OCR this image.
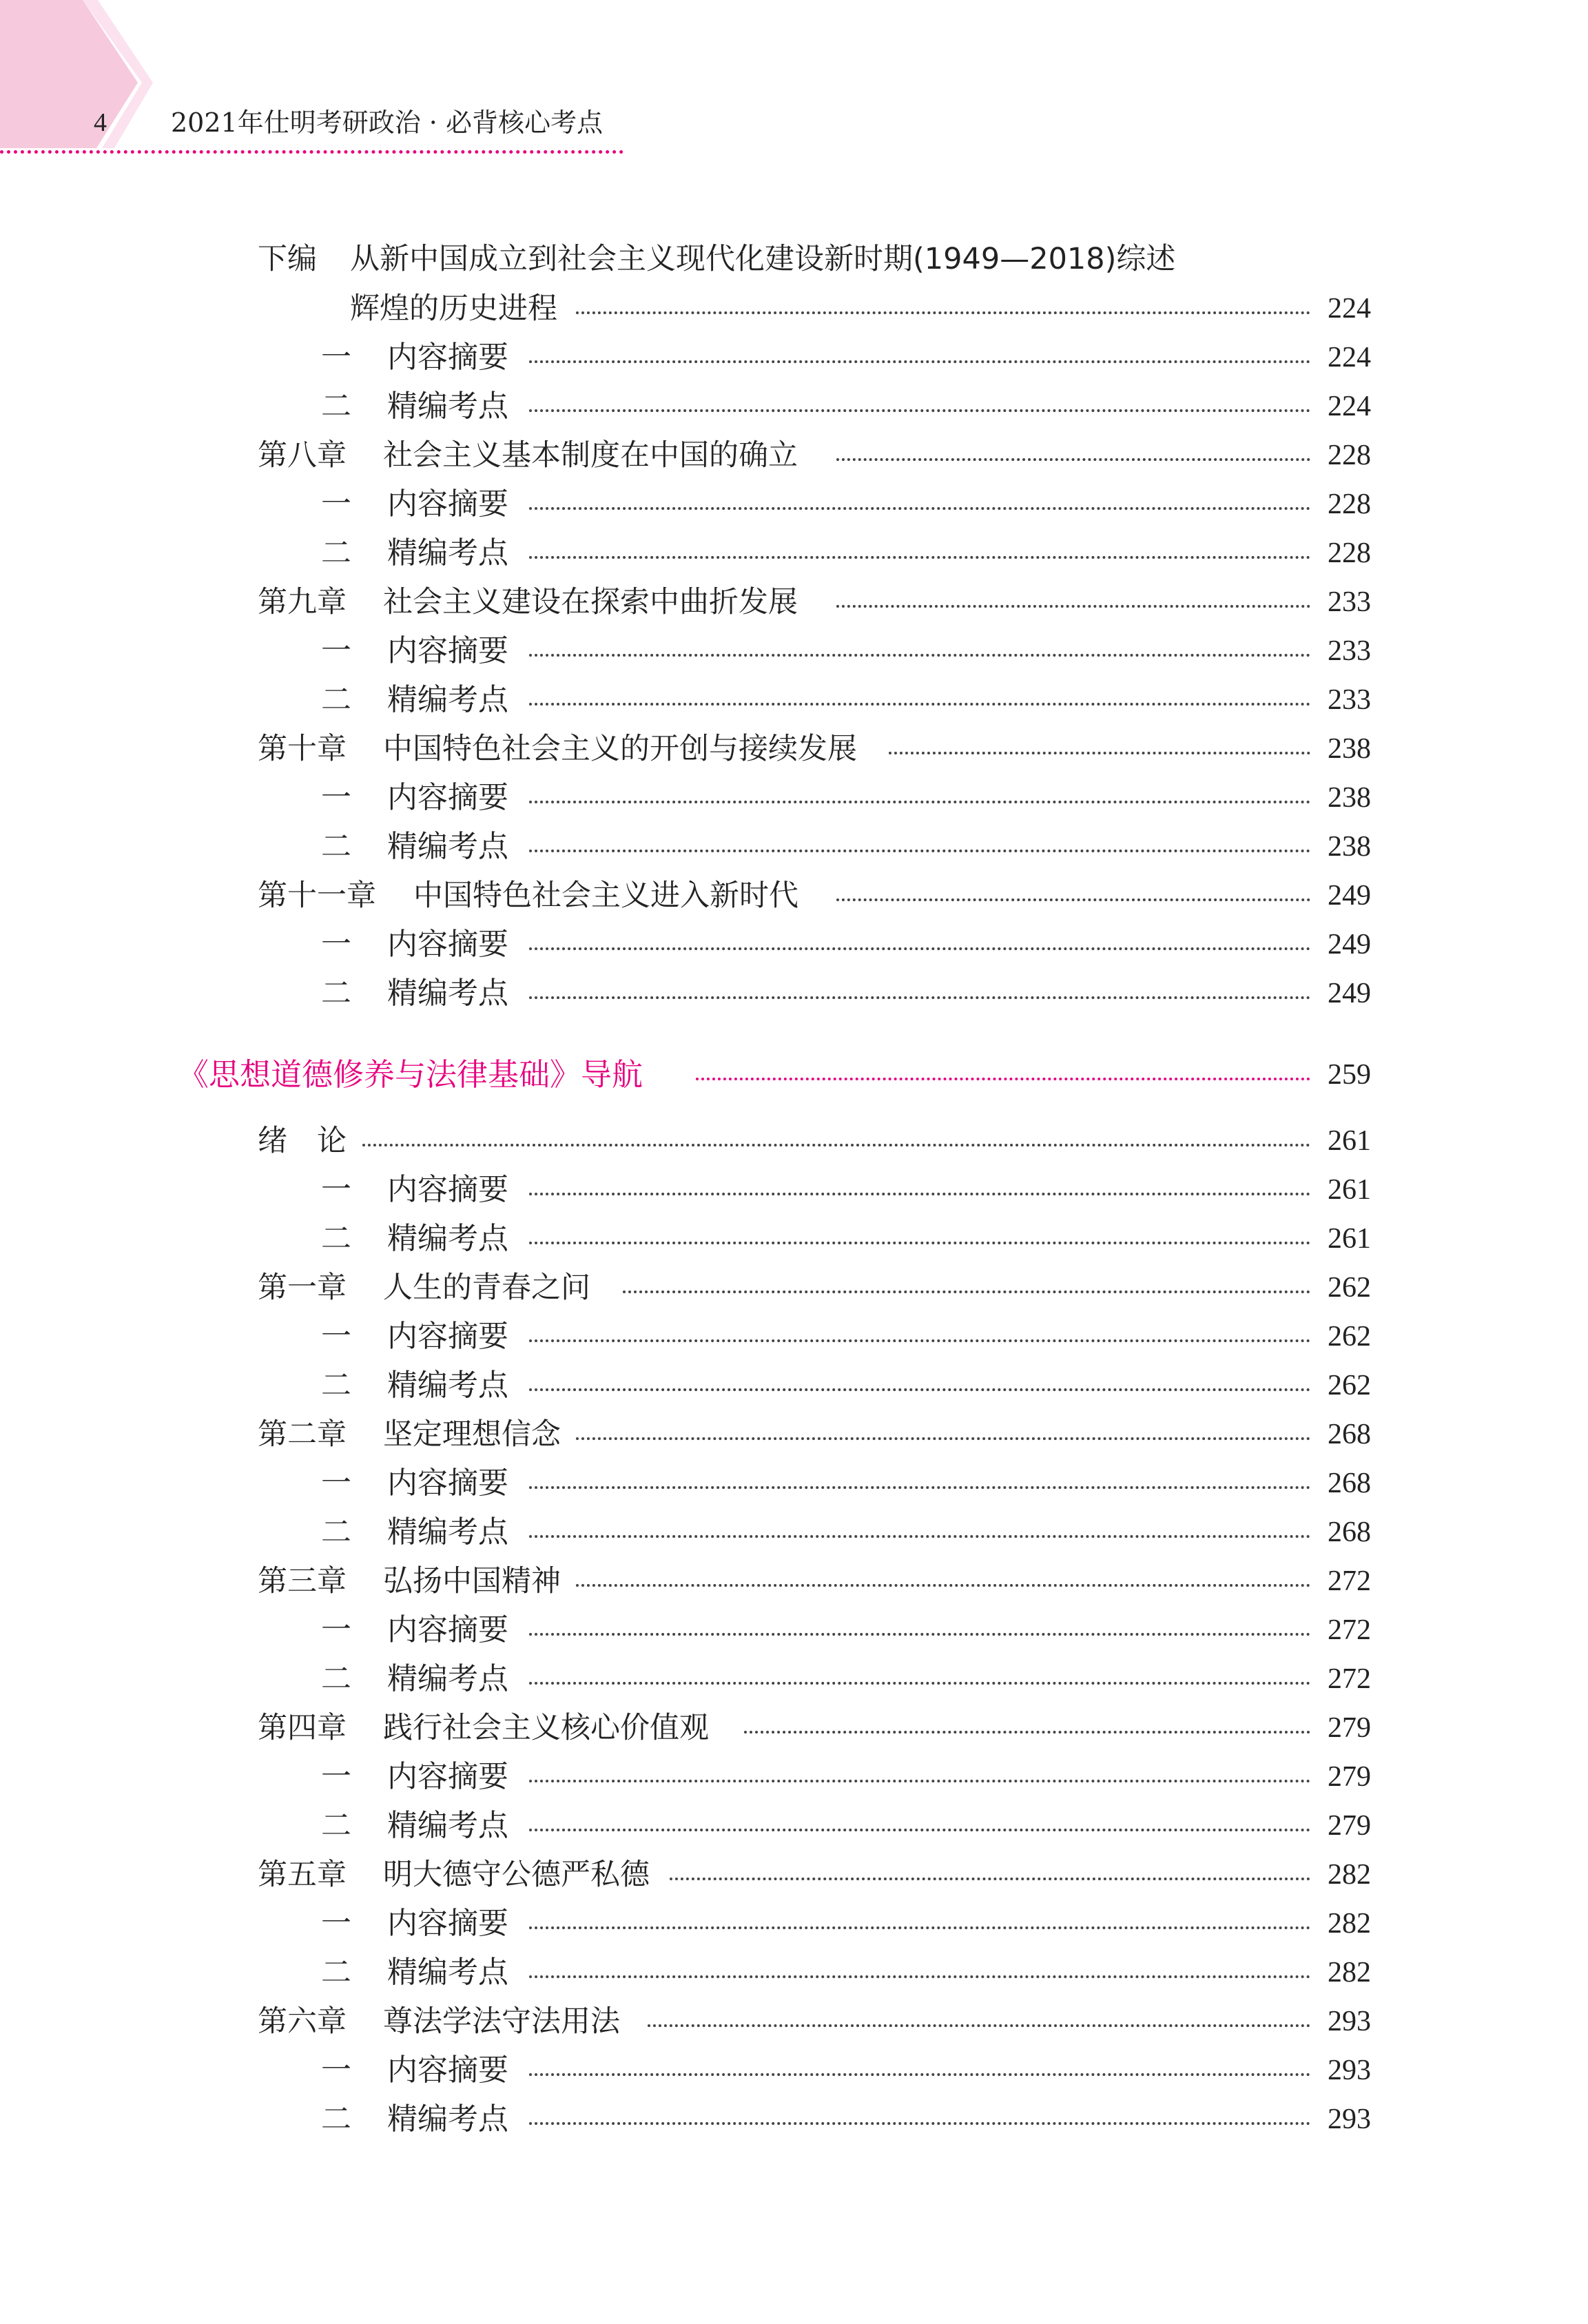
4 2021年仕明考研政治 · 必背核心考点
下编 从新中国成立到社会主义现代化建设新时期(1949—2018)综述
辉煌的历史进程	224
一 内容摘要	224
二 精编考点	224
第八章 社会主义基本制度在中国的确立	228
一 内容摘要	228
二 精编考点	228
第九章 社会主义建设在探索中曲折发展	233
一 内容摘要	233
二 精编考点	233
第十章 中国特色社会主义的开创与接续发展	238
一 内容摘要	238
二 精编考点	238
第十一章 中国特色社会主义进入新时代	249
一 内容摘要	249
二 精编考点	249
《思想道德修养与法律基础》导航	259
绪　论	261
一 内容摘要	261
二 精编考点	261
第一章 人生的青春之问	262
一 内容摘要	262
二 精编考点	262
第二章 坚定理想信念	268
一 内容摘要	268
二 精编考点	268
第三章 弘扬中国精神	272
一 内容摘要	272
二 精编考点	272
第四章 践行社会主义核心价值观	279
一 内容摘要	279
二 精编考点	279
第五章 明大德守公德严私德	282
一 内容摘要	282
二 精编考点	282
第六章 尊法学法守法用法	293
一 内容摘要	293
二 精编考点	293
